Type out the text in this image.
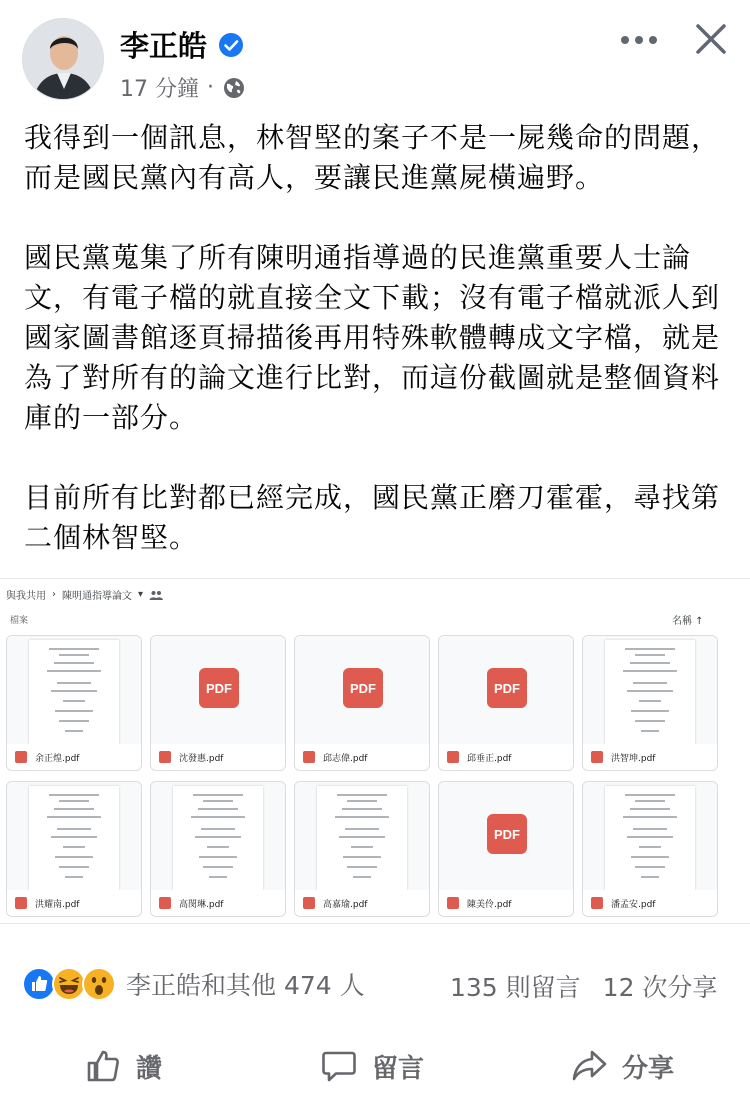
李正皓
17 分鐘 ·

我得到一個訊息，林智堅的案子不是一屍幾命的問題，而是國民黨內有高人，要讓民進黨屍橫遍野。

國民黨蒐集了所有陳明通指導過的民進黨重要人士論文，有電子檔的就直接全文下載；沒有電子檔就派人到國家圖書館逐頁掃描後再用特殊軟體轉成文字檔，就是為了對所有的論文進行比對，而這份截圖就是整個資料庫的一部分。

目前所有比對都已經完成，國民黨正磨刀霍霍，尋找第二個林智堅。

與我共用 › 陳明通指導論文 ▾
檔案	名稱 ↑
余正煌.pdf
PDF
沈發惠.pdf
PDF
邱志偉.pdf
PDF
邱垂正.pdf	洪智坤.pdf
洪耀南.pdf	高閔琳.pdf	高嘉瑜.pdf
PDF
陳美伶.pdf	潘孟安.pdf
李正皓和其他 474 人	135 則留言 12 次分享
讚	留言	分享
